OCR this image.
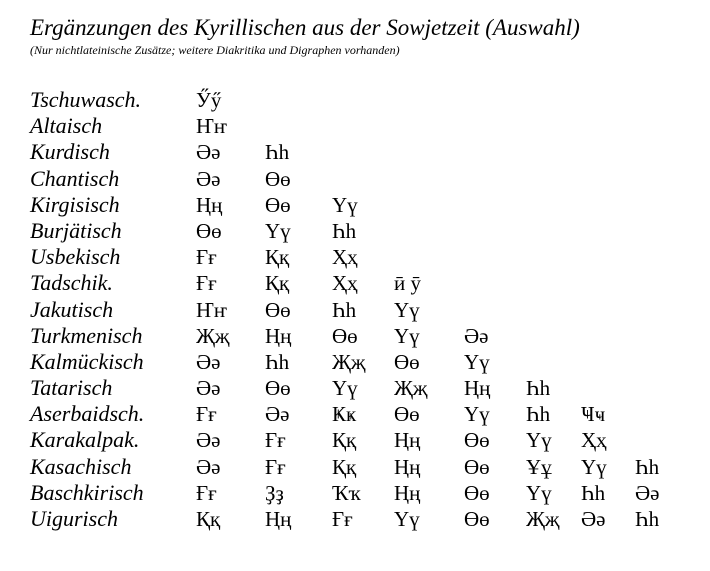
Ergänzungen des Kyrillischen aus der Sowjetzeit (Auswahl)
(Nur nichtlateinische Zusätze; weitere Diakritika und Digraphen vorhanden)
Tschuwasch.	Ӳӳ
Altaisch	Ҥҥ
Kurdisch	Әә Һһ
Chantisch	Әә Өө
Kirgisisch	Ңң Өө Үү
Burjätisch	Өө Үү Һһ
Usbekisch	Ғғ Ққ Ҳҳ
Tadschik.	Ғғ Ққ Ҳҳ ӣ ӯ
Jakutisch	Ҥҥ Өө Һһ Үү
Turkmenisch	Җҗ Ңң Өө Үү Әә
Kalmückisch Әә Һһ Җҗ Өө Үү
Tatarisch	Әә Өө Үү Җҗ Ңң Һһ
Aserbaidsch. Ғғ Әә Ҝҝ Өө Үү Һһ Ҹҹ
Karakalpak.	Әә Ғғ Ққ Ңң Өө Үү Ҳҳ
Kasachisch	Әә Ғғ Ққ Ңң Өө Ұұ Үү Һһ
Baschkirisch Ғғ Ҙҙ Ҡҡ Ңң Өө Үү Һһ Әә
Uigurisch	Ққ Ңң Ғғ Үү Өө Җҗ Әә Һһ
